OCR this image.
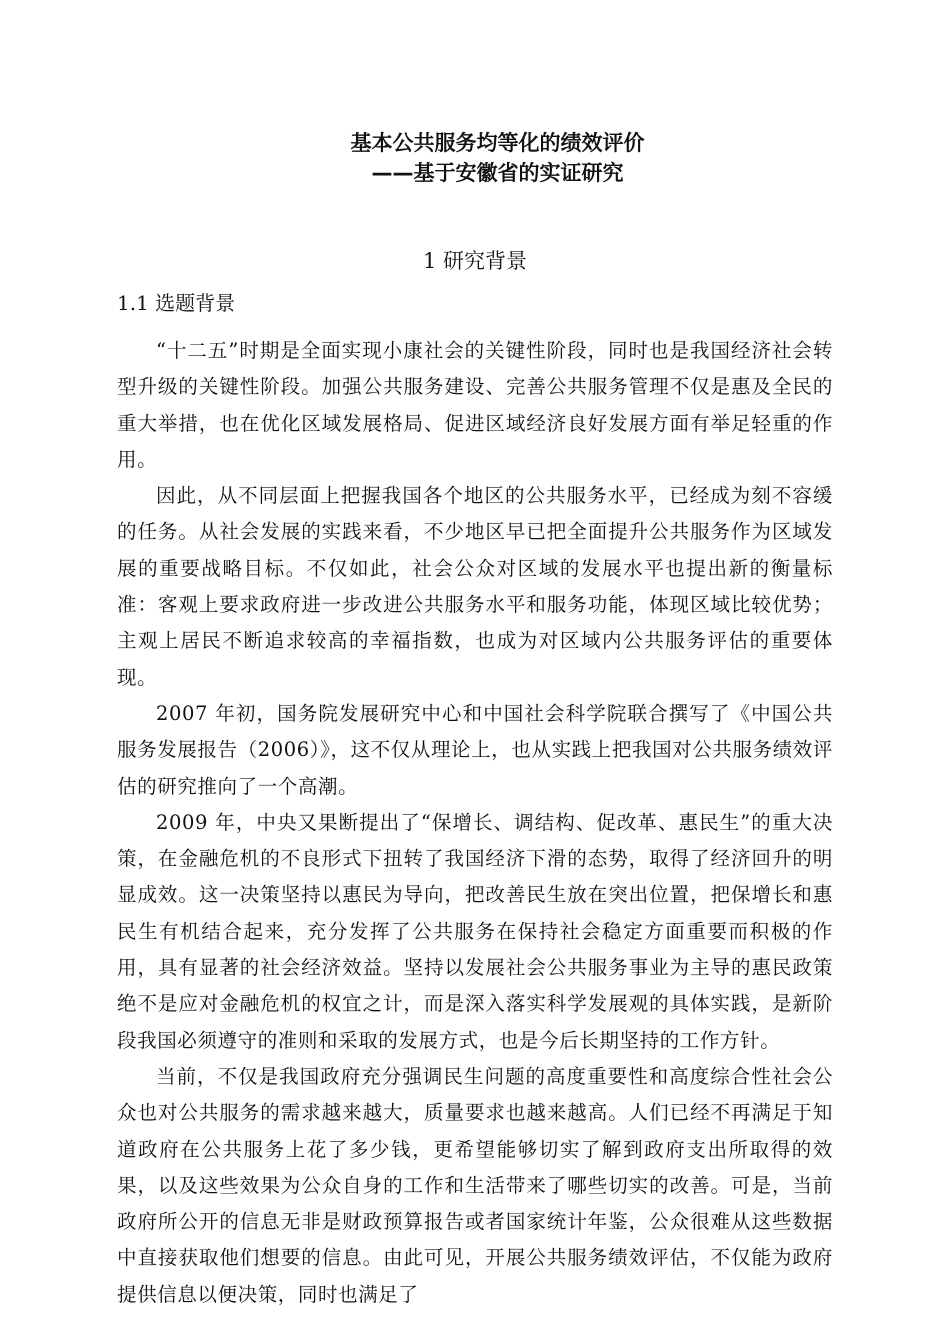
基本公共服务均等化的绩效评价

——基于安徽省的实证研究

1 研究背景

1.1 选题背景

“十二五”时期是全面实现小康社会的关键性阶段，同时也是我国经济社会转型升级的关键性阶段。加强公共服务建设、完善公共服务管理不仅是惠及全民的重大举措，也在优化区域发展格局、促进区域经济良好发展方面有举足轻重的作用。

因此，从不同层面上把握我国各个地区的公共服务水平，已经成为刻不容缓的任务。从社会发展的实践来看，不少地区早已把全面提升公共服务作为区域发展的重要战略目标。不仅如此，社会公众对区域的发展水平也提出新的衡量标准：客观上要求政府进一步改进公共服务水平和服务功能，体现区域比较优势；主观上居民不断追求较高的幸福指数，也成为对区域内公共服务评估的重要体现。

2007 年初，国务院发展研究中心和中国社会科学院联合撰写了《中国公共服务发展报告（2006）》，这不仅从理论上，也从实践上把我国对公共服务绩效评估的研究推向了一个高潮。

2009 年，中央又果断提出了“保增长、调结构、促改革、惠民生”的重大决策，在金融危机的不良形式下扭转了我国经济下滑的态势，取得了经济回升的明显成效。这一决策坚持以惠民为导向，把改善民生放在突出位置，把保增长和惠民生有机结合起来，充分发挥了公共服务在保持社会稳定方面重要而积极的作用，具有显著的社会经济效益。坚持以发展社会公共服务事业为主导的惠民政策绝不是应对金融危机的权宜之计，而是深入落实科学发展观的具体实践，是新阶段我国必须遵守的准则和采取的发展方式，也是今后长期坚持的工作方针。

当前，不仅是我国政府充分强调民生问题的高度重要性和高度综合性社会公众也对公共服务的需求越来越大，质量要求也越来越高。人们已经不再满足于知道政府在公共服务上花了多少钱，更希望能够切实了解到政府支出所取得的效果，以及这些效果为公众自身的工作和生活带来了哪些切实的改善。可是，当前政府所公开的信息无非是财政预算报告或者国家统计年鉴，公众很难从这些数据中直接获取他们想要的信息。由此可见，开展公共服务绩效评估，不仅能为政府提供信息以便决策，同时也满足了
